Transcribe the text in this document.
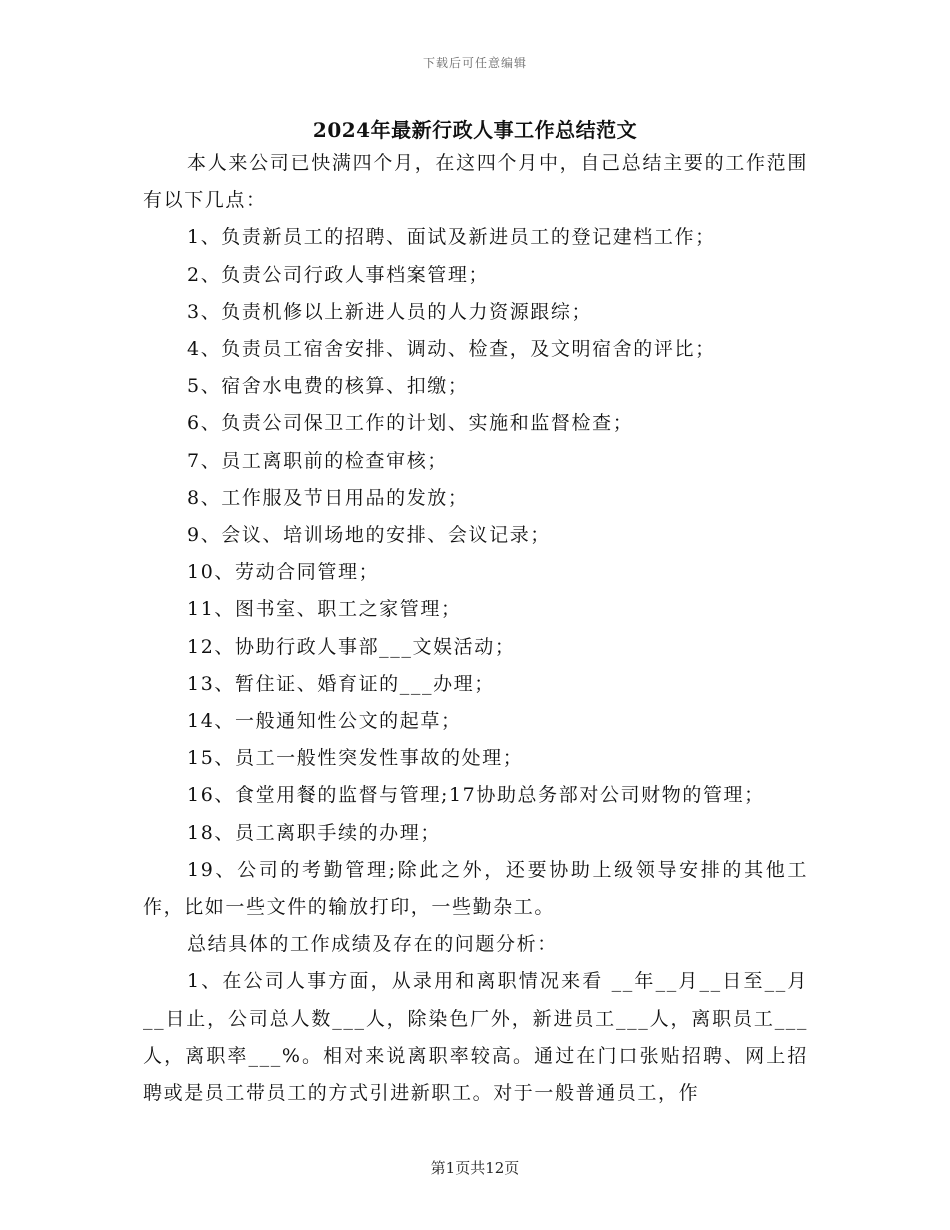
下载后可任意编辑
2024年最新行政人事工作总结范文

本人来公司已快满四个月，在这四个月中，自己总结主要的工作范围有以下几点：

1、负责新员工的招聘、面试及新进员工的登记建档工作；

2、负责公司行政人事档案管理；

3、负责机修以上新进人员的人力资源跟综；

4、负责员工宿舍安排、调动、检查，及文明宿舍的评比；

5、宿舍水电费的核算、扣缴；

6、负责公司保卫工作的计划、实施和监督检查；

7、员工离职前的检查审核；

8、工作服及节日用品的发放；

9、会议、培训场地的安排、会议记录；

10、劳动合同管理；

11、图书室、职工之家管理；

12、协助行政人事部___文娱活动；

13、暂住证、婚育证的___办理；

14、一般通知性公文的起草；

15、员工一般性突发性事故的处理；

16、食堂用餐的监督与管理;17协助总务部对公司财物的管理；

18、员工离职手续的办理；

19、公司的考勤管理;除此之外，还要协助上级领导安排的其他工作，比如一些文件的输放打印，一些勤杂工。

总结具体的工作成绩及存在的问题分析：

1、在公司人事方面，从录用和离职情况来看 __年__月__日至__月__日止，公司总人数___人，除染色厂外，新进员工___人，离职员工___人，离职率___%。相对来说离职率较高。通过在门口张贴招聘、网上招聘或是员工带员工的方式引进新职工。对于一般普通员工，作

第1页共12页
